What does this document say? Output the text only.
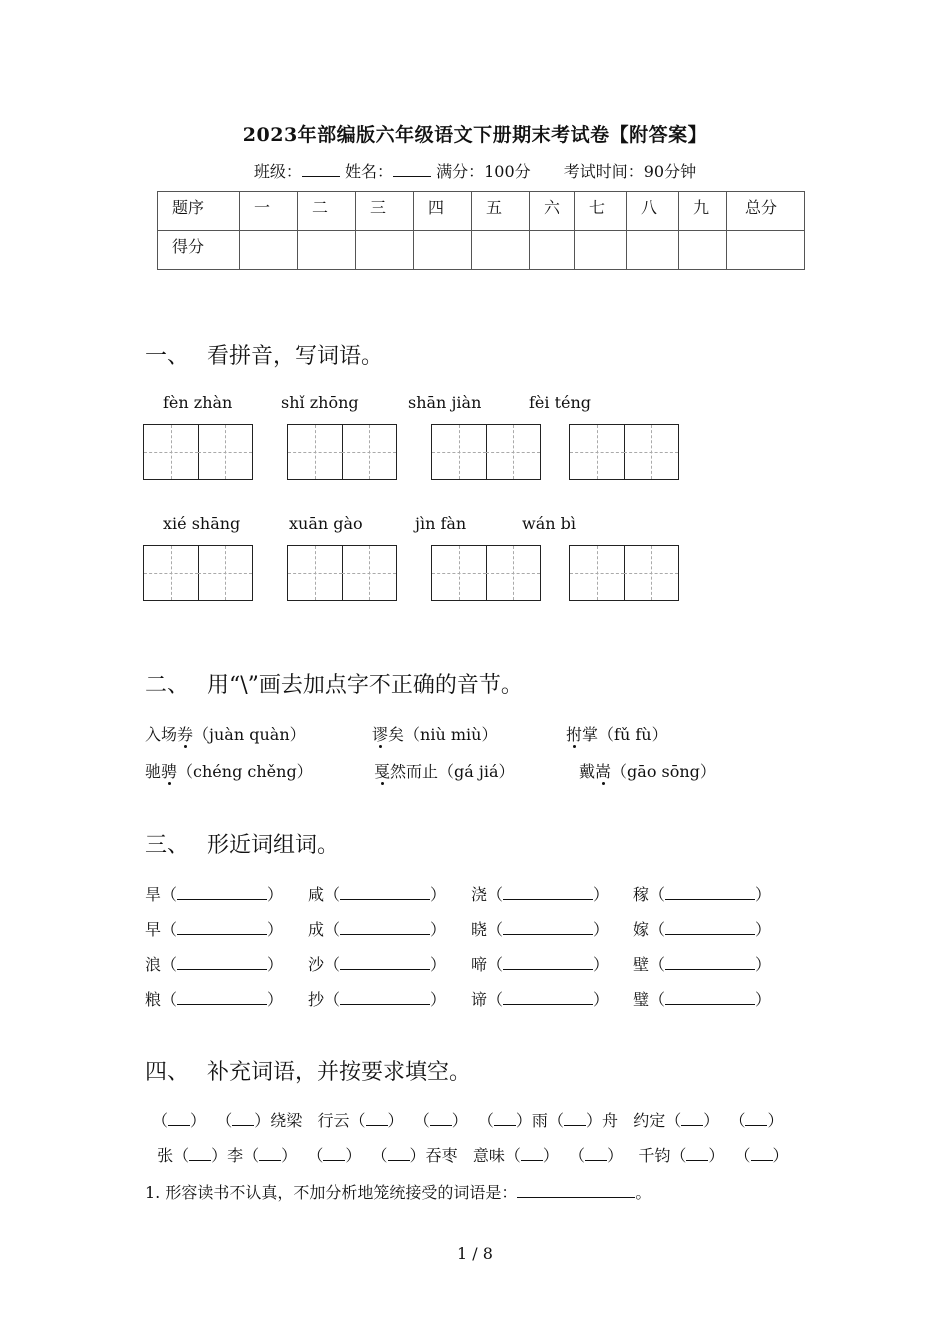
2023年部编版六年级语文下册期末考试卷【附答案】
班级：	姓名：	满分：100分 考试时间：90分钟
题序	一	二	三	四	五	六	七	八	九	总分
得分										
一、 看拼音，写词语。
fèn zhàn	shǐ zhōng	shān jiàn	fèi téng
xié shāng	xuān gào	jìn fàn	wán bì
二、 用“\”画去加点字不正确的音节。
入场券（juàn quàn）	谬矣（niù miù）	拊掌（fǔ fù）
驰骋（chéng chěng）	戛然而止（gá jiá）	戴嵩（gāo sōng）
三、 形近词组词。
旱（	） 咸（	） 浇（	） 稼（	）
早（	） 成（	） 晓（	） 嫁（	）
浪（	） 沙（	） 啼（	） 壁（	）
粮（	） 抄（	） 谛（	） 璧（	）
四、 补充词语，并按要求填空。
（ ）  （ ）绕梁 行云（ ）  （ ）  （ ）雨（ ）舟 约定（ ）  （ ）
张（ ）李（ ）  （ ）  （ ）吞枣 意味（ ）  （ ）   千钧（ ）  （ ）
1. 形容读书不认真，不加分析地笼统接受的词语是：	。
1 / 8
